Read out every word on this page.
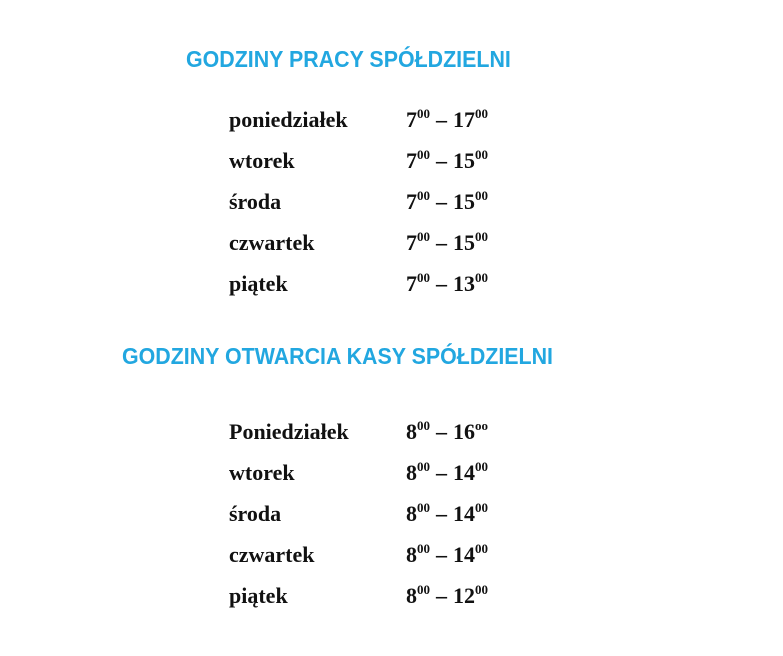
GODZINY PRACY SPÓŁDZIELNI
poniedziałek	$7^{00} - 17^{00}$
wtorek	$7^{00} - 15^{00}$
środa	$7^{00} - 15^{00}$
czwartek	$7^{00} - 15^{00}$
piątek	$7^{00} - 13^{00}$
GODZINY OTWARCIA KASY SPÓŁDZIELNI
Poniedziałek	$8^{00} - 16^{oo}$
wtorek	$8^{00} - 14^{00}$
środa	$8^{00} - 14^{00}$
czwartek	$8^{00} - 14^{00}$
piątek	$8^{00} - 12^{00}$
